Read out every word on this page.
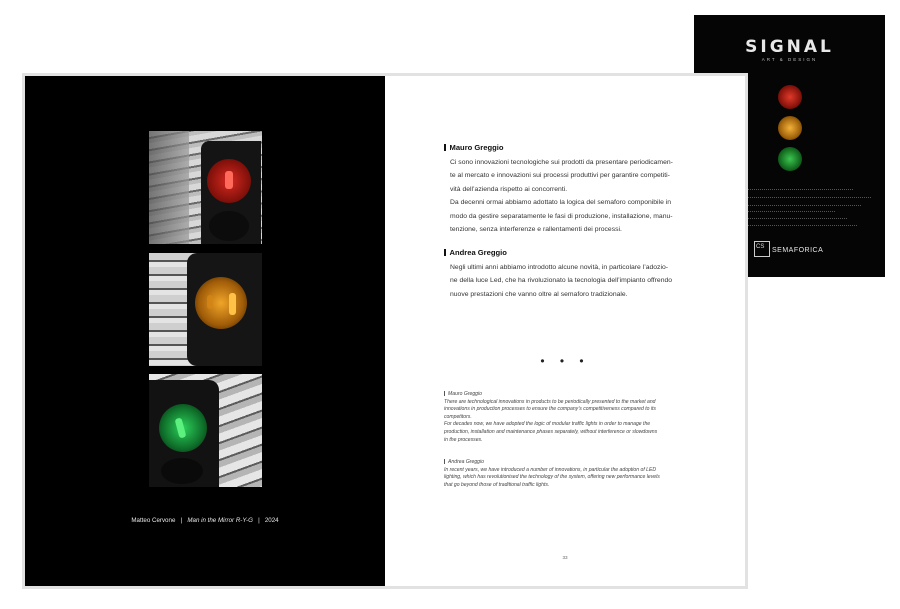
SIGNAL
ART & DESIGN
CS SEMAFORICA
Matteo Cervone | Man in the Mirror R-Y-G | 2024

Mauro Greggio

Ci sono innovazioni tecnologiche sui prodotti da presentare periodicamen-
te al mercato e innovazioni sui processi produttivi per garantire competiti-
vità dell’azienda rispetto ai concorrenti.
Da decenni ormai abbiamo adottato la logica del semaforo componibile in
modo da gestire separatamente le fasi di produzione, installazione, manu-
tenzione, senza interferenze e rallentamenti dei processi.

Andrea Greggio

Negli ultimi anni abbiamo introdotto alcune novità, in particolare l’adozio-
ne della luce Led, che ha rivoluzionato la tecnologia dell’impianto offrendo
nuove prestazioni che vanno oltre al semaforo tradizionale.

• • •
Mauro Greggio
There are technological innovations in products to be periodically presented to the market and
innovations in production processes to ensure the company’s competitiveness compared to its
competitors.
For decades now, we have adopted the logic of modular traffic lights in order to manage the
production, installation and maintenance phases separately, without interference or slowdowns
in the processes.
Andrea Greggio
In recent years, we have introduced a number of innovations, in particular the adoption of LED
lighting, which has revolutionised the technology of the system, offering new performance levels
that go beyond those of traditional traffic lights.
33
